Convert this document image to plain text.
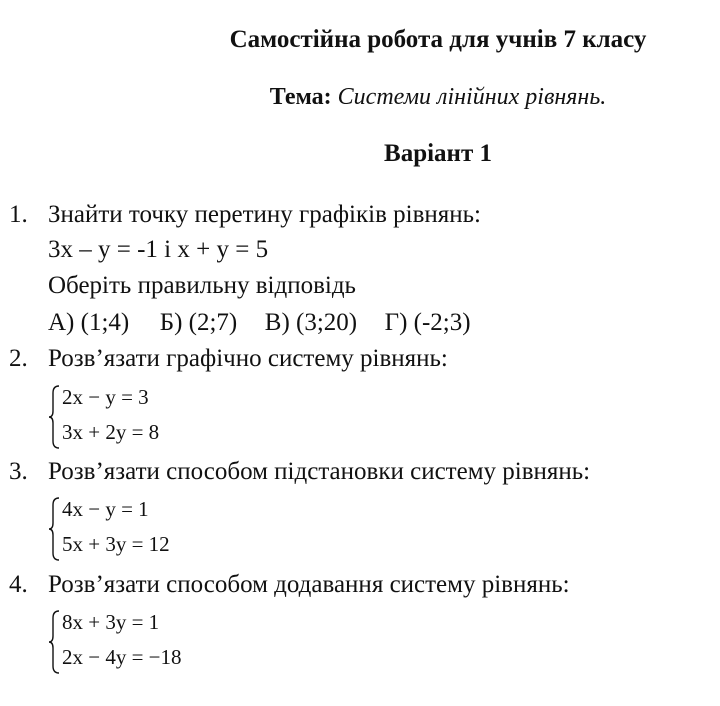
Самостійна робота для учнів 7 класу
Тема: Системи лінійних рівнянь.
Варіант 1
1. Знайти точку перетину графіків рівнянь:
3х – у = -1 і х + у = 5
Оберіть правильну відповідь
А) (1;4) Б) (2;7) В) (3;20) Г) (-2;3)
2. Розв’язати графічно систему рівнянь:
2x − y = 3
3x + 2y = 8
3. Розв’язати способом підстановки систему рівнянь:
4x − y = 1
5x + 3y = 12
4. Розв’язати способом додавання систему рівнянь:
8x + 3y = 1
2x − 4y = −18
